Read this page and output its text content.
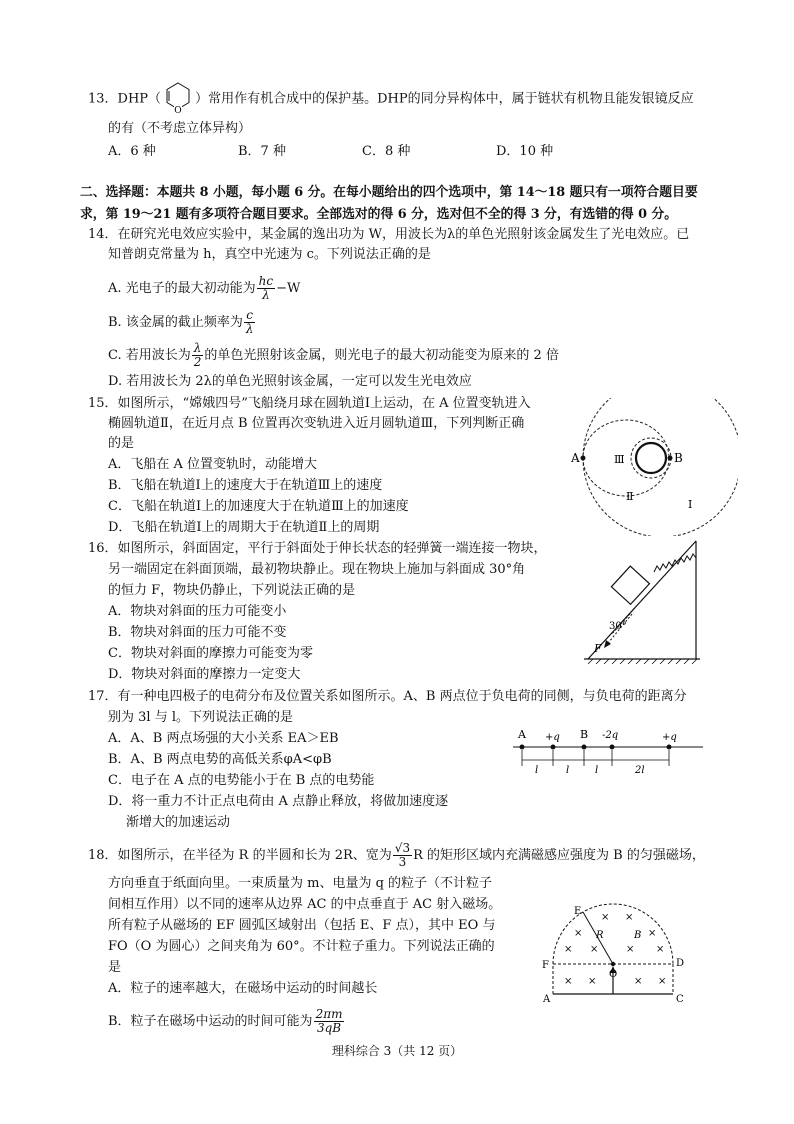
13．DHP（
O
）常用作有机合成中的保护基。DHP的同分异构体中，属于链状有机物且能发银镜反应
的有（不考虑立体异构）
A．6 种	B．7 种	C．8 种	D．10 种
二、选择题：本题共 8 小题，每小题 6 分。在每小题给出的四个选项中，第 14～18 题只有一项符合题目要
求，第 19～21 题有多项符合题目要求。全部选对的得 6 分，选对但不全的得 3 分，有选错的得 0 分。
14．在研究光电效应实验中，某金属的逸出功为 W，用波长为λ的单色光照射该金属发生了光电效应。已
知普朗克常量为 h，真空中光速为 c。下列说法正确的是
A. 光电子的最大初动能为 $\frac{hc}{\lambda} -W$
B. 该金属的截止频率为 $\frac{c}{\lambda}$
C. 若用波长为 $\frac{\lambda}{2}$ 的单色光照射该金属，则光电子的最大初动能变为原来的 2 倍
D. 若用波长为 2λ的单色光照射该金属，一定可以发生光电效应
15．如图所示，“嫦娥四号”飞船绕月球在圆轨道Ⅰ上运动，在 A 位置变轨进入
椭圆轨道Ⅱ，在近月点 B 位置再次变轨进入近月圆轨道Ⅲ，下列判断正确
的是
A．飞船在 A 位置变轨时，动能增大
B．飞船在轨道Ⅰ上的速度大于在轨道Ⅲ上的速度
C．飞船在轨道Ⅰ上的加速度大于在轨道Ⅲ上的加速度
D．飞船在轨道Ⅰ上的周期大于在轨道Ⅱ上的周期
A	B
Ⅲ
Ⅱ
Ⅰ
16．如图所示，斜面固定，平行于斜面处于伸长状态的轻弹簧一端连接一物块，
另一端固定在斜面顶端，最初物块静止。现在物块上施加与斜面成 30°角
的恒力 F，物块仍静止，下列说法正确的是
A．物块对斜面的压力可能变小
B．物块对斜面的压力可能不变
C．物块对斜面的摩擦力可能变为零
D．物块对斜面的摩擦力一定变大
30°
F
17．有一种电四极子的电荷分布及位置关系如图所示。A、B 两点位于负电荷的同侧，与负电荷的距离分
别为 3l 与 l。下列说法正确的是
A．A、B 两点场强的大小关系 EA＞EB
B．A、B 两点电势的高低关系φA<φB
C．电子在 A 点的电势能小于在 B 点的电势能
D．将一重力不计正点电荷由 A 点静止释放，将做加速度逐
渐增大的加速运动
A +q B -2q	+q
l	l	l	2l
18．如图所示，在半径为 R 的半圆和长为 2R、宽为 $\frac{√3}{3}$ R 的矩形区域内充满磁感应强度为 B 的匀强磁场，
方向垂直于纸面向里。一束质量为 m、电量为 q 的粒子（不计粒子
间相互作用）以不同的速率从边界 AC 的中点垂直于 AC 射入磁场。
所有粒子从磁场的 EF 圆弧区域射出（包括 E、F 点），其中 EO 与
FO（O 为圆心）之间夹角为 60°。不计粒子重力。下列说法正确的
是
A．粒子的速率越大，在磁场中运动的时间越长
B．粒子在磁场中运动的时间可能为 $\frac{2\pi m}{3qB}$
× ×
×	×
× ×	× ×
× ×	× ×
E
R	B
F
O
D
A	C
理科综合 3（共 12 页）
